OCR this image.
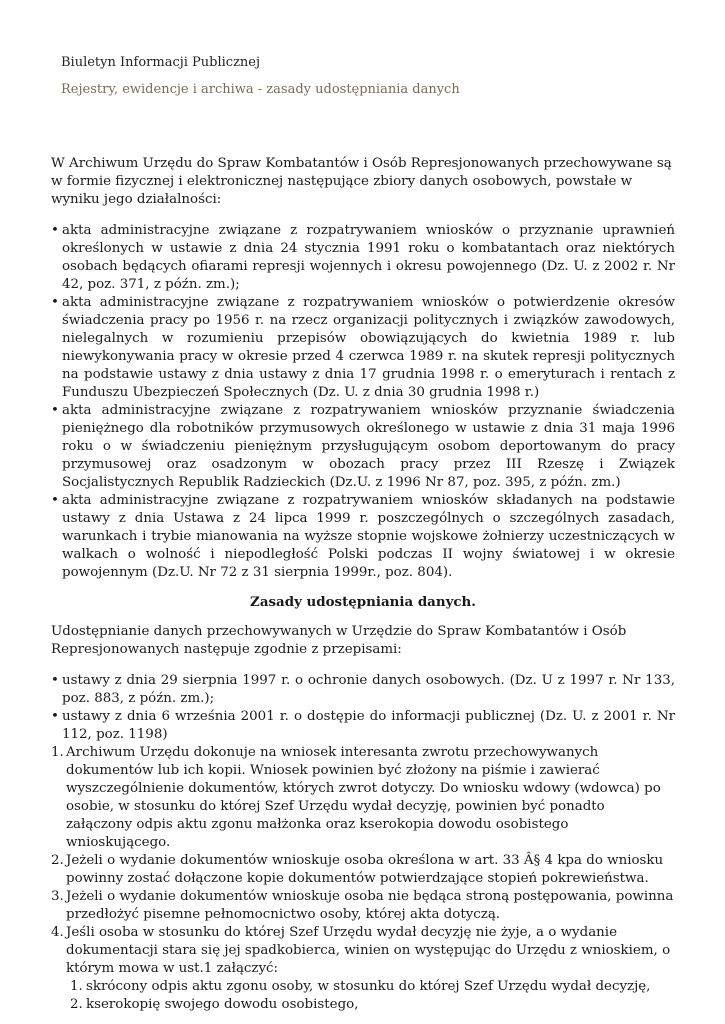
Biuletyn Informacji Publicznej
Rejestry, ewidencje i archiwa - zasady udostępniania danych

W Archiwum Urzędu do Spraw Kombatantów i Osób Represjonowanych przechowywane są w formie fizycznej i elektronicznej następujące zbiory danych osobowych, powstałe w wyniku jego działalności:

• akta administracyjne związane z rozpatrywaniem wniosków o przyznanie uprawnień określonych w ustawie z dnia 24 stycznia 1991 roku o kombatantach oraz niektórych osobach będących ofiarami represji wojennych i okresu powojennego (Dz. U. z 2002 r. Nr 42, poz. 371, z późn. zm.);
• akta administracyjne związane z rozpatrywaniem wniosków o potwierdzenie okresów świadczenia pracy po 1956 r. na rzecz organizacji politycznych i związków zawodowych, nielegalnych w rozumieniu przepisów obowiązujących do kwietnia 1989 r. lub niewykonywania pracy w okresie przed 4 czerwca 1989 r. na skutek represji politycznych na podstawie ustawy z dnia ustawy z dnia 17 grudnia 1998 r. o emeryturach i rentach z Funduszu Ubezpieczeń Społecznych (Dz. U. z dnia 30 grudnia 1998 r.)
• akta administracyjne związane z rozpatrywaniem wniosków przyznanie świadczenia pieniężnego dla robotników przymusowych określonego w ustawie z dnia 31 maja 1996 roku o w świadczeniu pieniężnym przysługującym osobom deportowanym do pracy przymusowej oraz osadzonym w obozach pracy przez III Rzeszę i Związek Socjalistycznych Republik Radzieckich (Dz.U. z 1996 Nr 87, poz. 395, z późn. zm.)
• akta administracyjne związane z rozpatrywaniem wniosków składanych na podstawie ustawy z dnia Ustawa z 24 lipca 1999 r. poszczególnych o szczególnych zasadach, warunkach i trybie mianowania na wyższe stopnie wojskowe żołnierzy uczestniczących w walkach o wolność i niepodległość Polski podczas II wojny światowej i w okresie powojennym (Dz.U. Nr 72 z 31 sierpnia 1999r., poz. 804).

Zasady udostępniania danych.

Udostępnianie danych przechowywanych w Urzędzie do Spraw Kombatantów i Osób Represjonowanych następuje zgodnie z przepisami:

• ustawy z dnia 29 sierpnia 1997 r. o ochronie danych osobowych. (Dz. U z 1997 r. Nr 133, poz. 883, z późn. zm.);
• ustawy z dnia 6 września 2001 r. o dostępie do informacji publicznej (Dz. U. z 2001 r. Nr 112, poz. 1198)
1. Archiwum Urzędu dokonuje na wniosek interesanta zwrotu przechowywanych dokumentów lub ich kopii. Wniosek powinien być złożony na piśmie i zawierać wyszczególnienie dokumentów, których zwrot dotyczy. Do wniosku wdowy (wdowca) po osobie, w stosunku do której Szef Urzędu wydał decyzję, powinien być ponadto załączony odpis aktu zgonu małżonka oraz kserokopia dowodu osobistego wnioskującego.
2. Jeżeli o wydanie dokumentów wnioskuje osoba określona w art. 33 Â§ 4 kpa do wniosku powinny zostać dołączone kopie dokumentów potwierdzające stopień pokrewieństwa.
3. Jeżeli o wydanie dokumentów wnioskuje osoba nie będąca stroną postępowania, powinna przedłożyć pisemne pełnomocnictwo osoby, której akta dotyczą.
4. Jeśli osoba w stosunku do której Szef Urzędu wydał decyzję nie żyje, a o wydanie dokumentacji stara się jej spadkobierca, winien on występując do Urzędu z wnioskiem, o którym mowa w ust.1 załączyć:
1. skrócony odpis aktu zgonu osoby, w stosunku do której Szef Urzędu wydał decyzję,
2. kserokopię swojego dowodu osobistego,
